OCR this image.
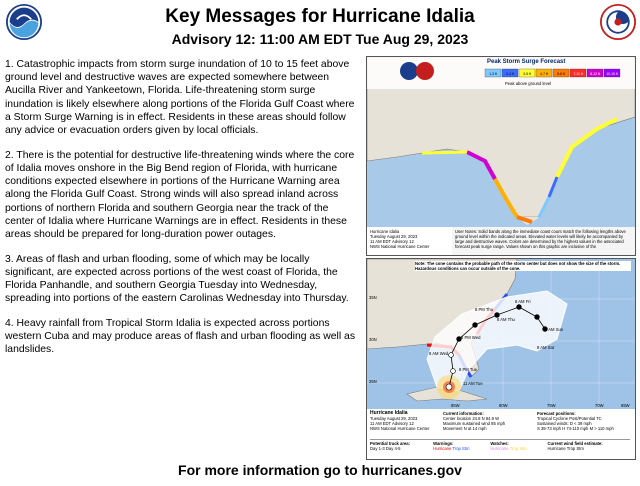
Key Messages for Hurricane Idalia
Advisory 12: 11:00 AM EDT Tue Aug 29, 2023

1. Catastrophic impacts from storm surge inundation of 10 to 15 feet above ground level and destructive waves are expected somewhere between Aucilla River and Yankeetown, Florida. Life-threatening storm surge inundation is likely elsewhere along portions of the Florida Gulf Coast where a Storm Surge Warning is in effect. Residents in these areas should follow any advice or evacuation orders given by local officials.

2. There is the potential for destructive life-threatening winds where the core of Idalia moves onshore in the Big Bend region of Florida, with hurricane conditions expected elsewhere in portions of the Hurricane Warning area along the Florida Gulf Coast. Strong winds will also spread inland across portions of northern Florida and southern Georgia near the track of the center of Idalia where Hurricane Warnings are in effect. Residents in these areas should be prepared for long-duration power outages.

3. Areas of flash and urban flooding, some of which may be locally significant, are expected across portions of the west coast of Florida, the Florida Panhandle, and southern Georgia Tuesday into Wednesday, spreading into portions of the eastern Carolinas Wednesday into Thursday.

4. Heavy rainfall from Tropical Storm Idalia is expected across portions western Cuba and may produce areas of flash and urban flooding as well as landslides.

1-3 ft	2-4 ft	3-5 ft	4-7 ft	5-8 ft 7-11 ft 8-12 ft 10-15 ft
Peak Storm Surge Forecast
Peak above ground level
Hurricane Idalia
Tuesday August 29, 2023
11 AM EDT Advisory 12
NWS National Hurricane Center
User Notes: Solid bands along the immediate coast count match the following lengths above ground level within the indicated areas. Elevated water levels will likely be accompanied by large and destructive waves. Colors are determined by the highest values in the associated forecast peak surge range. Values shown on this graphic are inclusive of the
Note: The cone contains the probable path of the storm center but does not show the size of the storm. Hazardous conditions can occur outside of the cone.
8 AM Fri
8 PM Thu
8 AM Sun
8 AM Thu
8 PM Wed
8 AM Sat
8 AM Wed
8 PM Tue
11 AM Tue
35N
30N
25N
85W	80W	75W	70W	65W
Hurricane Idalia
Tuesday August 29, 2023
11 AM EDT Advisory 12
NWS National Hurricane Center
Current information:
Center location 24.8 N 84.9 W
Maximum sustained wind 85 mph
Movement N at 14 mph
Forecast positions:
Tropical Cyclone Post/Potential TC
Sustained winds: D < 39 mph
S 39-73 mph H 74-110 mph M > 110 mph
Potential track area:
Day 1-3 Day 4-5 Warnings:
Hurricane Trop Stm Watches:
Hurricane Trop Stm Current wind field estimate:
Hurricane Trop Stm
For more information go to hurricanes.gov
